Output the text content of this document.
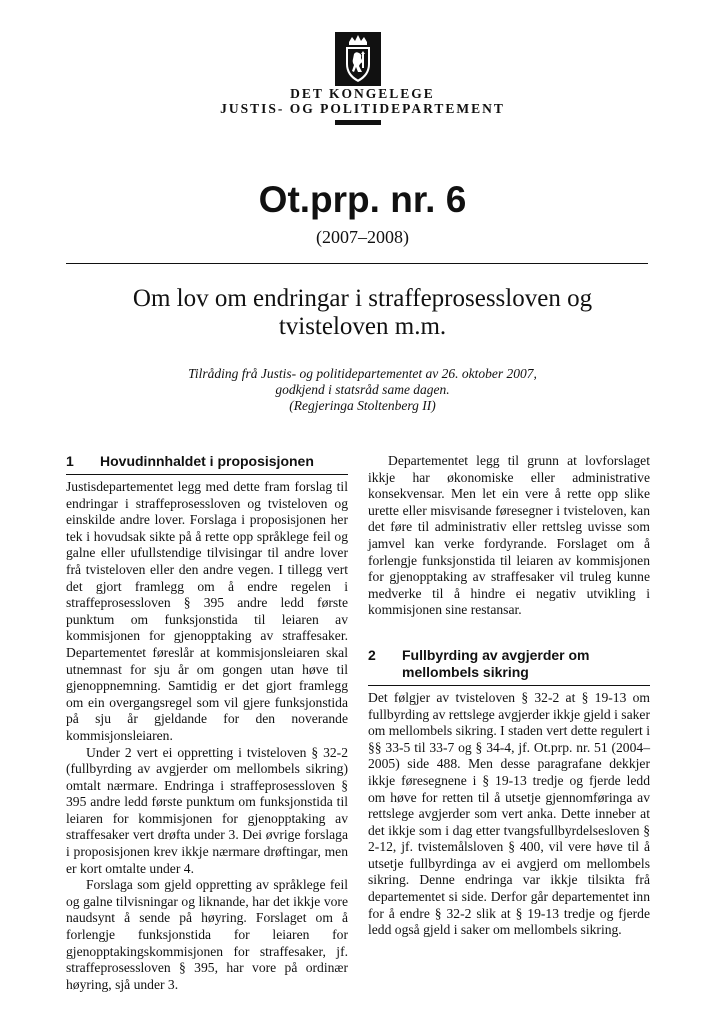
DET KONGELEGE
JUSTIS- OG POLITIDEPARTEMENT
Ot.prp. nr. 6
(2007–2008)
Om lov om endringar i straffeprosessloven og
tvisteloven m.m.
Tilråding frå Justis- og politidepartementet av 26. oktober 2007,
godkjend i statsråd same dagen.
(Regjeringa Stoltenberg II)
1	Hovudinnhaldet i proposisjonen

Justisdepartementet legg med dette fram forslag til endringar i straffeprosessloven og tvisteloven og einskilde andre lover. Forslaga i proposisjonen her tek i hovudsak sikte på å rette opp språklege feil og galne eller ufullstendige tilvisingar til andre lover frå tvisteloven eller den andre vegen. I tillegg vert det gjort framlegg om å endre regelen i straffeprosessloven § 395 andre ledd første punktum om funksjonstida til leiaren av kommisjonen for gjenopptaking av straffesaker. Departementet føreslår at kommisjonsleiaren skal utnemnast for sju år om gongen utan høve til gjenoppnemning. Samtidig er det gjort framlegg om ein overgangsregel som vil gjere funksjonstida på sju år gjeldande for den noverande kommisjonsleiaren.

Under 2 vert ei oppretting i tvisteloven § 32-2 (fullbyrding av avgjerder om mellombels sikring) omtalt nærmare. Endringa i straffeprosessloven § 395 andre ledd første punktum om funksjonstida til leiaren for kommisjonen for gjenopptaking av straffesaker vert drøfta under 3. Dei øvrige forslaga i proposisjonen krev ikkje nærmare drøftingar, men er kort omtalte under 4.

Forslaga som gjeld oppretting av språklege feil og galne tilvisningar og liknande, har det ikkje vore naudsynt å sende på høyring. Forslaget om å forlengje funksjonstida for leiaren for gjenopptakingskommisjonen for straffesaker, jf. straffeprosessloven § 395, har vore på ordinær høyring, sjå under 3.

Departementet legg til grunn at lovforslaget ikkje har økonomiske eller administrative konsekvensar. Men let ein vere å rette opp slike urette eller misvisande føresegner i tvisteloven, kan det føre til administrativ eller rettsleg uvisse som jamvel kan verke fordyrande. Forslaget om å forlengje funksjonstida til leiaren av kommisjonen for gjenopptaking av straffesaker vil truleg kunne medverke til å hindre ei negativ utvikling i kommisjonen sine restansar.

2	Fullbyrding av avgjerder om
mellombels sikring

Det følgjer av tvisteloven § 32-2 at § 19-13 om fullbyrding av rettslege avgjerder ikkje gjeld i saker om mellombels sikring. I staden vert dette regulert i §§ 33-5 til 33-7 og § 34-4, jf. Ot.prp. nr. 51 (2004–2005) side 488. Men desse paragrafane dekkjer ikkje føresegnene i § 19-13 tredje og fjerde ledd om høve for retten til å utsetje gjennomføringa av rettslege avgjerder som vert anka. Dette inneber at det ikkje som i dag etter tvangsfullbyrdelsesloven § 2-12, jf. tvistemålsloven § 400, vil vere høve til å utsetje fullbyrdinga av ei avgjerd om mellombels sikring. Denne endringa var ikkje tilsikta frå departementet si side. Derfor går departementet inn for å endre § 32-2 slik at § 19-13 tredje og fjerde ledd også gjeld i saker om mellombels sikring.
